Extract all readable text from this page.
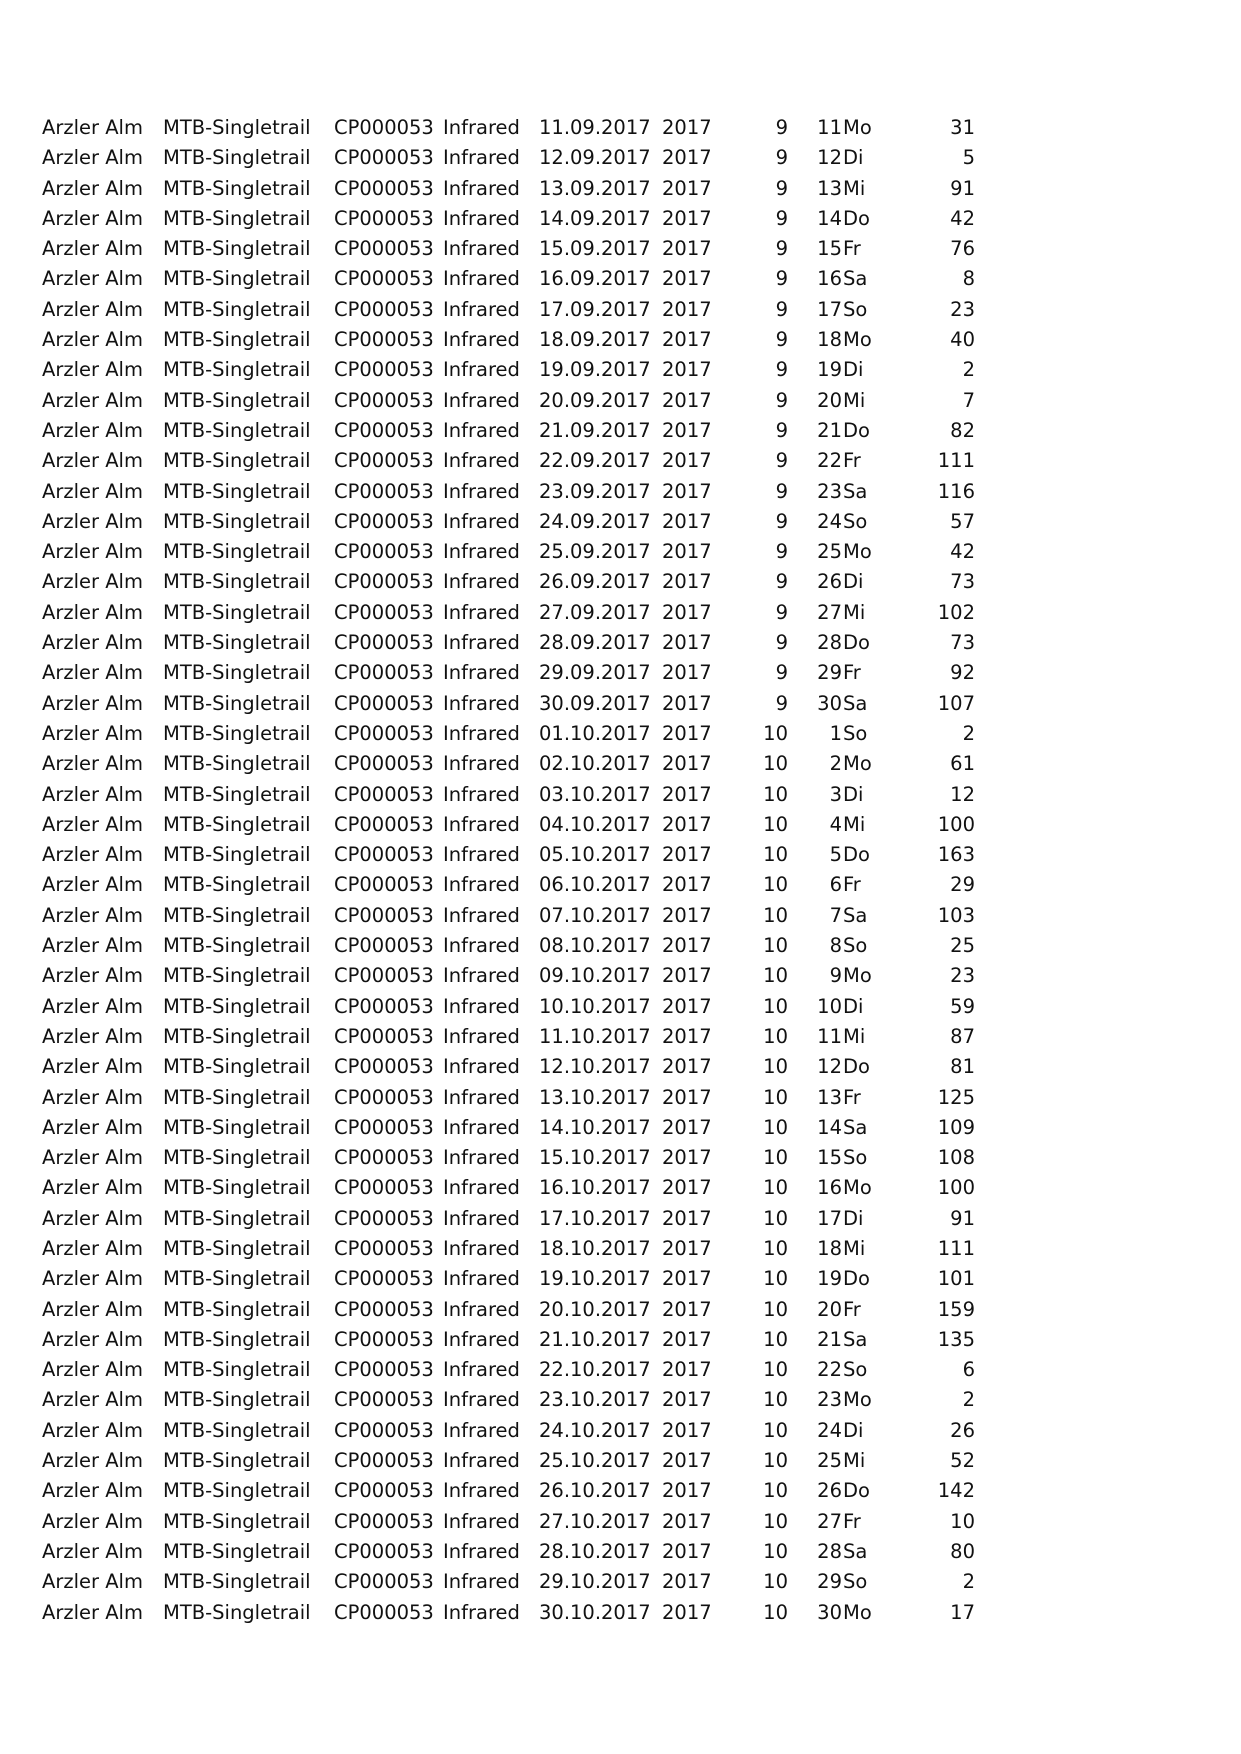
Arzler Alm MTB-Singletrail CP000053 Infrared 11.09.2017 2017	9 11 Mo	31
Arzler Alm MTB-Singletrail CP000053 Infrared 12.09.2017 2017	9 12 Di	5
Arzler Alm MTB-Singletrail CP000053 Infrared 13.09.2017 2017	9 13 Mi	91
Arzler Alm MTB-Singletrail CP000053 Infrared 14.09.2017 2017	9 14 Do	42
Arzler Alm MTB-Singletrail CP000053 Infrared 15.09.2017 2017	9 15 Fr	76
Arzler Alm MTB-Singletrail CP000053 Infrared 16.09.2017 2017	9 16 Sa	8
Arzler Alm MTB-Singletrail CP000053 Infrared 17.09.2017 2017	9 17 So	23
Arzler Alm MTB-Singletrail CP000053 Infrared 18.09.2017 2017	9 18 Mo	40
Arzler Alm MTB-Singletrail CP000053 Infrared 19.09.2017 2017	9 19 Di	2
Arzler Alm MTB-Singletrail CP000053 Infrared 20.09.2017 2017	9 20 Mi	7
Arzler Alm MTB-Singletrail CP000053 Infrared 21.09.2017 2017	9 21 Do	82
Arzler Alm MTB-Singletrail CP000053 Infrared 22.09.2017 2017	9 22 Fr	111
Arzler Alm MTB-Singletrail CP000053 Infrared 23.09.2017 2017	9 23 Sa	116
Arzler Alm MTB-Singletrail CP000053 Infrared 24.09.2017 2017	9 24 So	57
Arzler Alm MTB-Singletrail CP000053 Infrared 25.09.2017 2017	9 25 Mo	42
Arzler Alm MTB-Singletrail CP000053 Infrared 26.09.2017 2017	9 26 Di	73
Arzler Alm MTB-Singletrail CP000053 Infrared 27.09.2017 2017	9 27 Mi	102
Arzler Alm MTB-Singletrail CP000053 Infrared 28.09.2017 2017	9 28 Do	73
Arzler Alm MTB-Singletrail CP000053 Infrared 29.09.2017 2017	9 29 Fr	92
Arzler Alm MTB-Singletrail CP000053 Infrared 30.09.2017 2017	9 30 Sa	107
Arzler Alm MTB-Singletrail CP000053 Infrared 01.10.2017 2017	10 1 So	2
Arzler Alm MTB-Singletrail CP000053 Infrared 02.10.2017 2017	10 2 Mo	61
Arzler Alm MTB-Singletrail CP000053 Infrared 03.10.2017 2017	10 3 Di	12
Arzler Alm MTB-Singletrail CP000053 Infrared 04.10.2017 2017	10 4 Mi	100
Arzler Alm MTB-Singletrail CP000053 Infrared 05.10.2017 2017	10 5 Do	163
Arzler Alm MTB-Singletrail CP000053 Infrared 06.10.2017 2017	10 6 Fr	29
Arzler Alm MTB-Singletrail CP000053 Infrared 07.10.2017 2017	10 7 Sa	103
Arzler Alm MTB-Singletrail CP000053 Infrared 08.10.2017 2017	10 8 So	25
Arzler Alm MTB-Singletrail CP000053 Infrared 09.10.2017 2017	10 9 Mo	23
Arzler Alm MTB-Singletrail CP000053 Infrared 10.10.2017 2017	10 10 Di	59
Arzler Alm MTB-Singletrail CP000053 Infrared 11.10.2017 2017	10 11 Mi	87
Arzler Alm MTB-Singletrail CP000053 Infrared 12.10.2017 2017	10 12 Do	81
Arzler Alm MTB-Singletrail CP000053 Infrared 13.10.2017 2017	10 13 Fr	125
Arzler Alm MTB-Singletrail CP000053 Infrared 14.10.2017 2017	10 14 Sa	109
Arzler Alm MTB-Singletrail CP000053 Infrared 15.10.2017 2017	10 15 So	108
Arzler Alm MTB-Singletrail CP000053 Infrared 16.10.2017 2017	10 16 Mo	100
Arzler Alm MTB-Singletrail CP000053 Infrared 17.10.2017 2017	10 17 Di	91
Arzler Alm MTB-Singletrail CP000053 Infrared 18.10.2017 2017	10 18 Mi	111
Arzler Alm MTB-Singletrail CP000053 Infrared 19.10.2017 2017	10 19 Do	101
Arzler Alm MTB-Singletrail CP000053 Infrared 20.10.2017 2017	10 20 Fr	159
Arzler Alm MTB-Singletrail CP000053 Infrared 21.10.2017 2017	10 21 Sa	135
Arzler Alm MTB-Singletrail CP000053 Infrared 22.10.2017 2017	10 22 So	6
Arzler Alm MTB-Singletrail CP000053 Infrared 23.10.2017 2017	10 23 Mo	2
Arzler Alm MTB-Singletrail CP000053 Infrared 24.10.2017 2017	10 24 Di	26
Arzler Alm MTB-Singletrail CP000053 Infrared 25.10.2017 2017	10 25 Mi	52
Arzler Alm MTB-Singletrail CP000053 Infrared 26.10.2017 2017	10 26 Do	142
Arzler Alm MTB-Singletrail CP000053 Infrared 27.10.2017 2017	10 27 Fr	10
Arzler Alm MTB-Singletrail CP000053 Infrared 28.10.2017 2017	10 28 Sa	80
Arzler Alm MTB-Singletrail CP000053 Infrared 29.10.2017 2017	10 29 So	2
Arzler Alm MTB-Singletrail CP000053 Infrared 30.10.2017 2017	10 30 Mo	17
